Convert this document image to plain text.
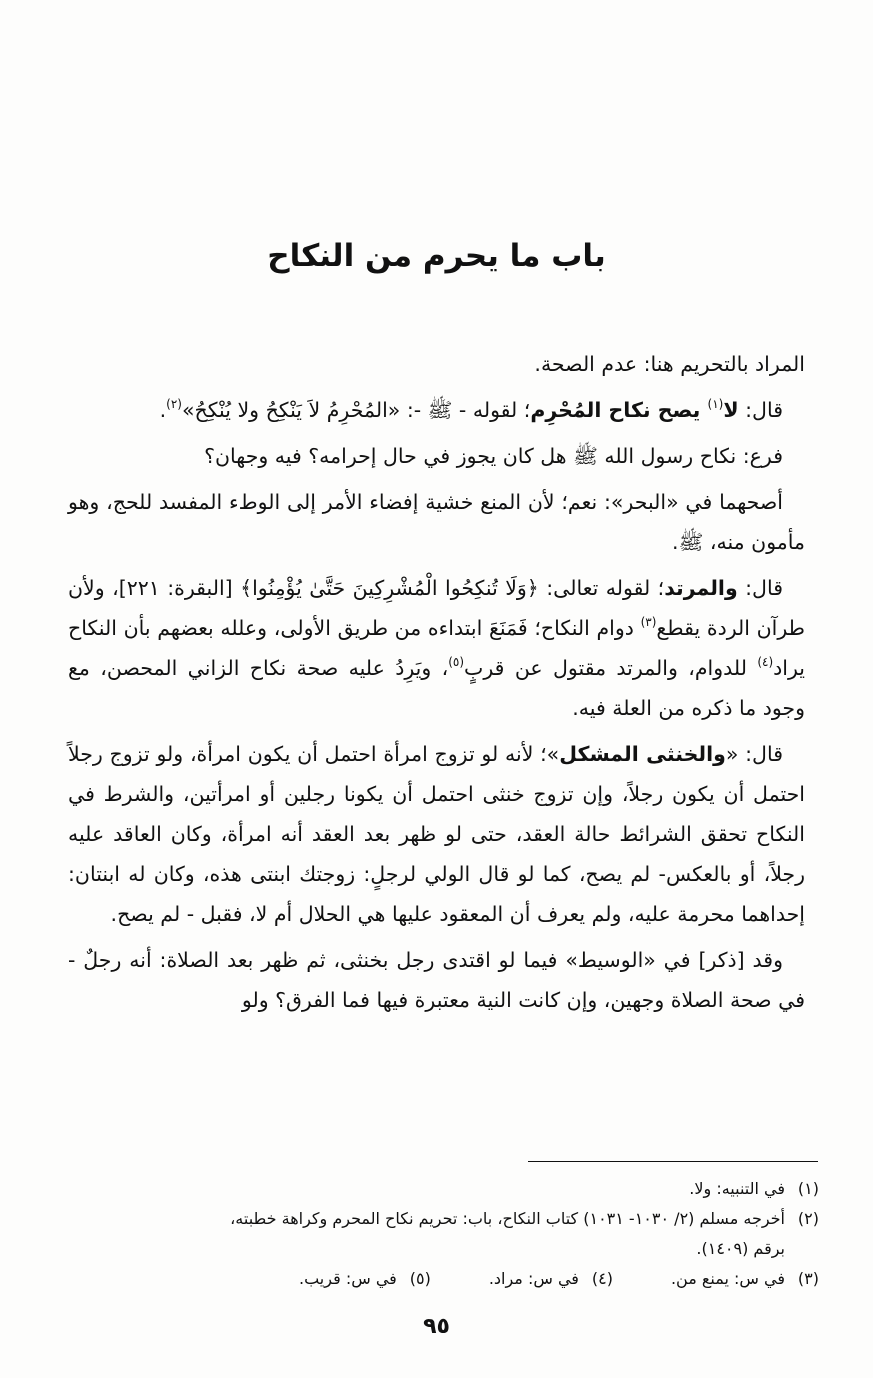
باب ما يحرم من النكاح

المراد بالتحريم هنا: عدم الصحة.

قال: لا$^{(١)}$ يصح نكاح المُحْرِم؛ لقوله - ﷺ -: «المُحْرِمُ لاَ يَنْكِحُ ولا يُنْكِحُ»$^{(٢)}$.

فرع: نكاح رسول الله ﷺ هل كان يجوز في حال إحرامه؟ فيه وجهان؟

أصحهما في «البحر»: نعم؛ لأن المنع خشية إفضاء الأمر إلى الوطء المفسد للحج، وهو مأمون منه، ﷺ.

قال: والمرتد؛ لقوله تعالى: ﴿وَلَا تُنكِحُوا الْمُشْرِكِينَ حَتَّىٰ يُؤْمِنُوا﴾ [البقرة: ٢٢١]، ولأن طرآن الردة يقطع$^{(٣)}$ دوام النكاح؛ فَمَنَعَ ابتداءه من طريق الأولى، وعلله بعضهم بأن النكاح يراد$^{(٤)}$ للدوام، والمرتد مقتول عن قربٍ$^{(٥)}$، ويَرِدُ عليه صحة نكاح الزاني المحصن، مع وجود ما ذكره من العلة فيه.

قال: «والخنثى المشكل»؛ لأنه لو تزوج امرأة احتمل أن يكون امرأة، ولو تزوج رجلاً احتمل أن يكون رجلاً، وإن تزوج خنثى احتمل أن يكونا رجلين أو امرأتين، والشرط في النكاح تحقق الشرائط حالة العقد، حتى لو ظهر بعد العقد أنه امرأة، وكان العاقد عليه رجلاً، أو بالعكس- لم يصح، كما لو قال الولي لرجلٍ: زوجتك ابنتى هذه، وكان له ابنتان: إحداهما محرمة عليه، ولم يعرف أن المعقود عليها هي الحلال أم لا، فقبل - لم يصح.

وقد [ذكر] في «الوسيط» فيما لو اقتدى رجل بخنثى، ثم ظهر بعد الصلاة: أنه رجلٌ - في صحة الصلاة وجهين، وإن كانت النية معتبرة فيها فما الفرق؟ ولو

(١)في التنبيه: ولا.

(٢)أخرجه مسلم (٢/ ١٠٣٠- ١٠٣١) كتاب النكاح، باب: تحريم نكاح المحرم وكراهة خطبته،

برقم (١٤٠٩).

(٣)في س: يمنع من.

(٤)في س: مراد.

(٥)في س: قريب.

٩٥
